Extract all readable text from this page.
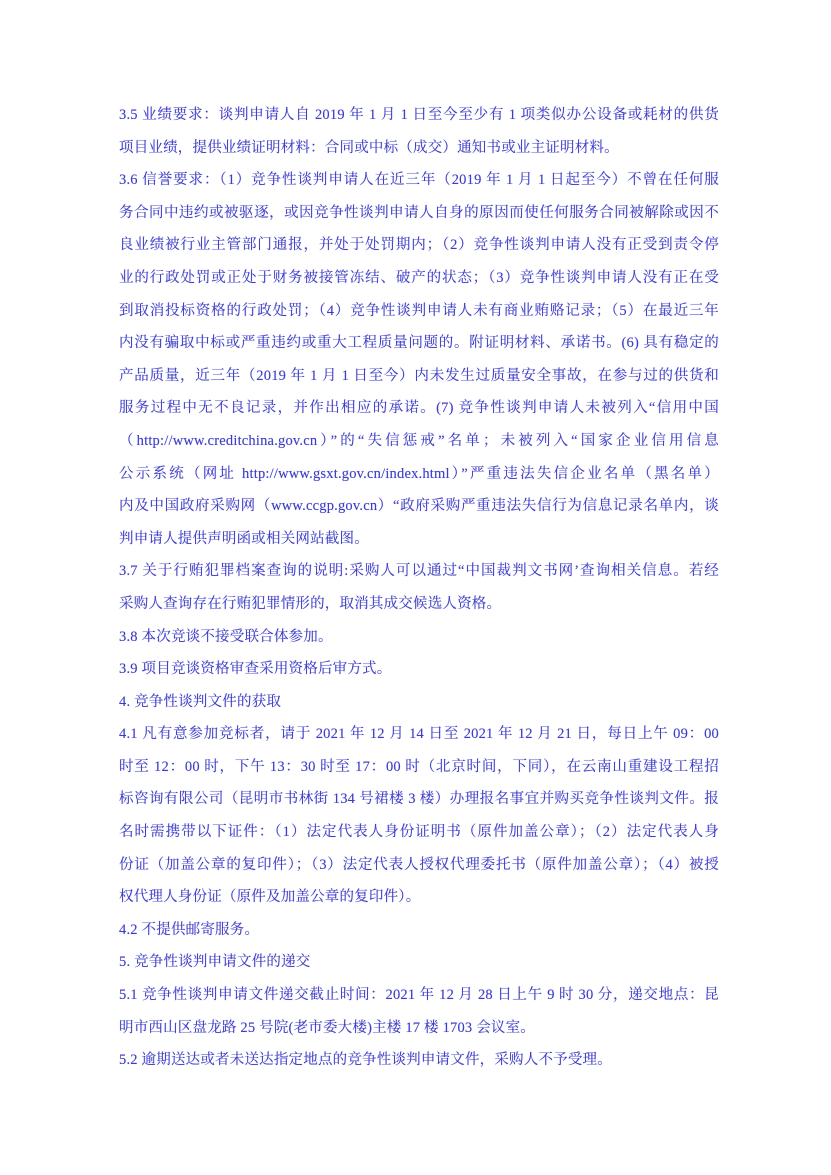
3.5 业绩要求：谈判申请人自 2019 年 1 月 1 日至今至少有 1 项类似办公设备或耗材的供货
项目业绩，提供业绩证明材料：合同或中标（成交）通知书或业主证明材料。
3.6 信誉要求：（1）竞争性谈判申请人在近三年（2019 年 1 月 1 日起至今）不曾在任何服
务合同中违约或被驱逐，或因竞争性谈判申请人自身的原因而使任何服务合同被解除或因不
良业绩被行业主管部门通报，并处于处罚期内；（2）竞争性谈判申请人没有正受到责令停
业的行政处罚或正处于财务被接管冻结、破产的状态；（3）竞争性谈判申请人没有正在受
到取消投标资格的行政处罚；（4）竞争性谈判申请人未有商业贿赂记录；（5）在最近三年
内没有骗取中标或严重违约或重大工程质量问题的。附证明材料、承诺书。(6) 具有稳定的
产品质量，近三年（2019 年 1 月 1 日至今）内未发生过质量安全事故，在参与过的供货和
服务过程中无不良记录，并作出相应的承诺。(7) 竞争性谈判申请人未被列入“信用中国
（http://www.creditchina.gov.cn）”的“失信惩戒”名单；未被列入“国家企业信用信息
公示系统（网址 http://www.gsxt.gov.cn/index.html）”严重违法失信企业名单（黑名单）
内及中国政府采购网（www.ccgp.gov.cn）“政府采购严重违法失信行为信息记录名单内，谈
判申请人提供声明函或相关网站截图。
3.7 关于行贿犯罪档案查询的说明:采购人可以通过“中国裁判文书网’查询相关信息。若经
采购人查询存在行贿犯罪情形的，取消其成交候选人资格。
3.8 本次竞谈不接受联合体参加。
3.9 项目竞谈资格审查采用资格后审方式。
4. 竞争性谈判文件的获取
4.1 凡有意参加竞标者，请于 2021 年 12 月 14 日至 2021 年 12 月 21 日，每日上午 09：00
时至 12：00 时，下午 13：30 时至 17：00 时（北京时间，下同），在云南山重建设工程招
标咨询有限公司（昆明市书林街 134 号裙楼 3 楼）办理报名事宜并购买竞争性谈判文件。报
名时需携带以下证件：（1）法定代表人身份证明书（原件加盖公章）；（2）法定代表人身
份证（加盖公章的复印件）；（3）法定代表人授权代理委托书（原件加盖公章）；（4）被授
权代理人身份证（原件及加盖公章的复印件）。
4.2 不提供邮寄服务。
5. 竞争性谈判申请文件的递交
5.1 竞争性谈判申请文件递交截止时间：2021 年 12 月 28 日上午 9 时 30 分，递交地点：昆
明市西山区盘龙路 25 号院(老市委大楼)主楼 17 楼 1703 会议室。
5.2 逾期送达或者未送达指定地点的竞争性谈判申请文件，采购人不予受理。
